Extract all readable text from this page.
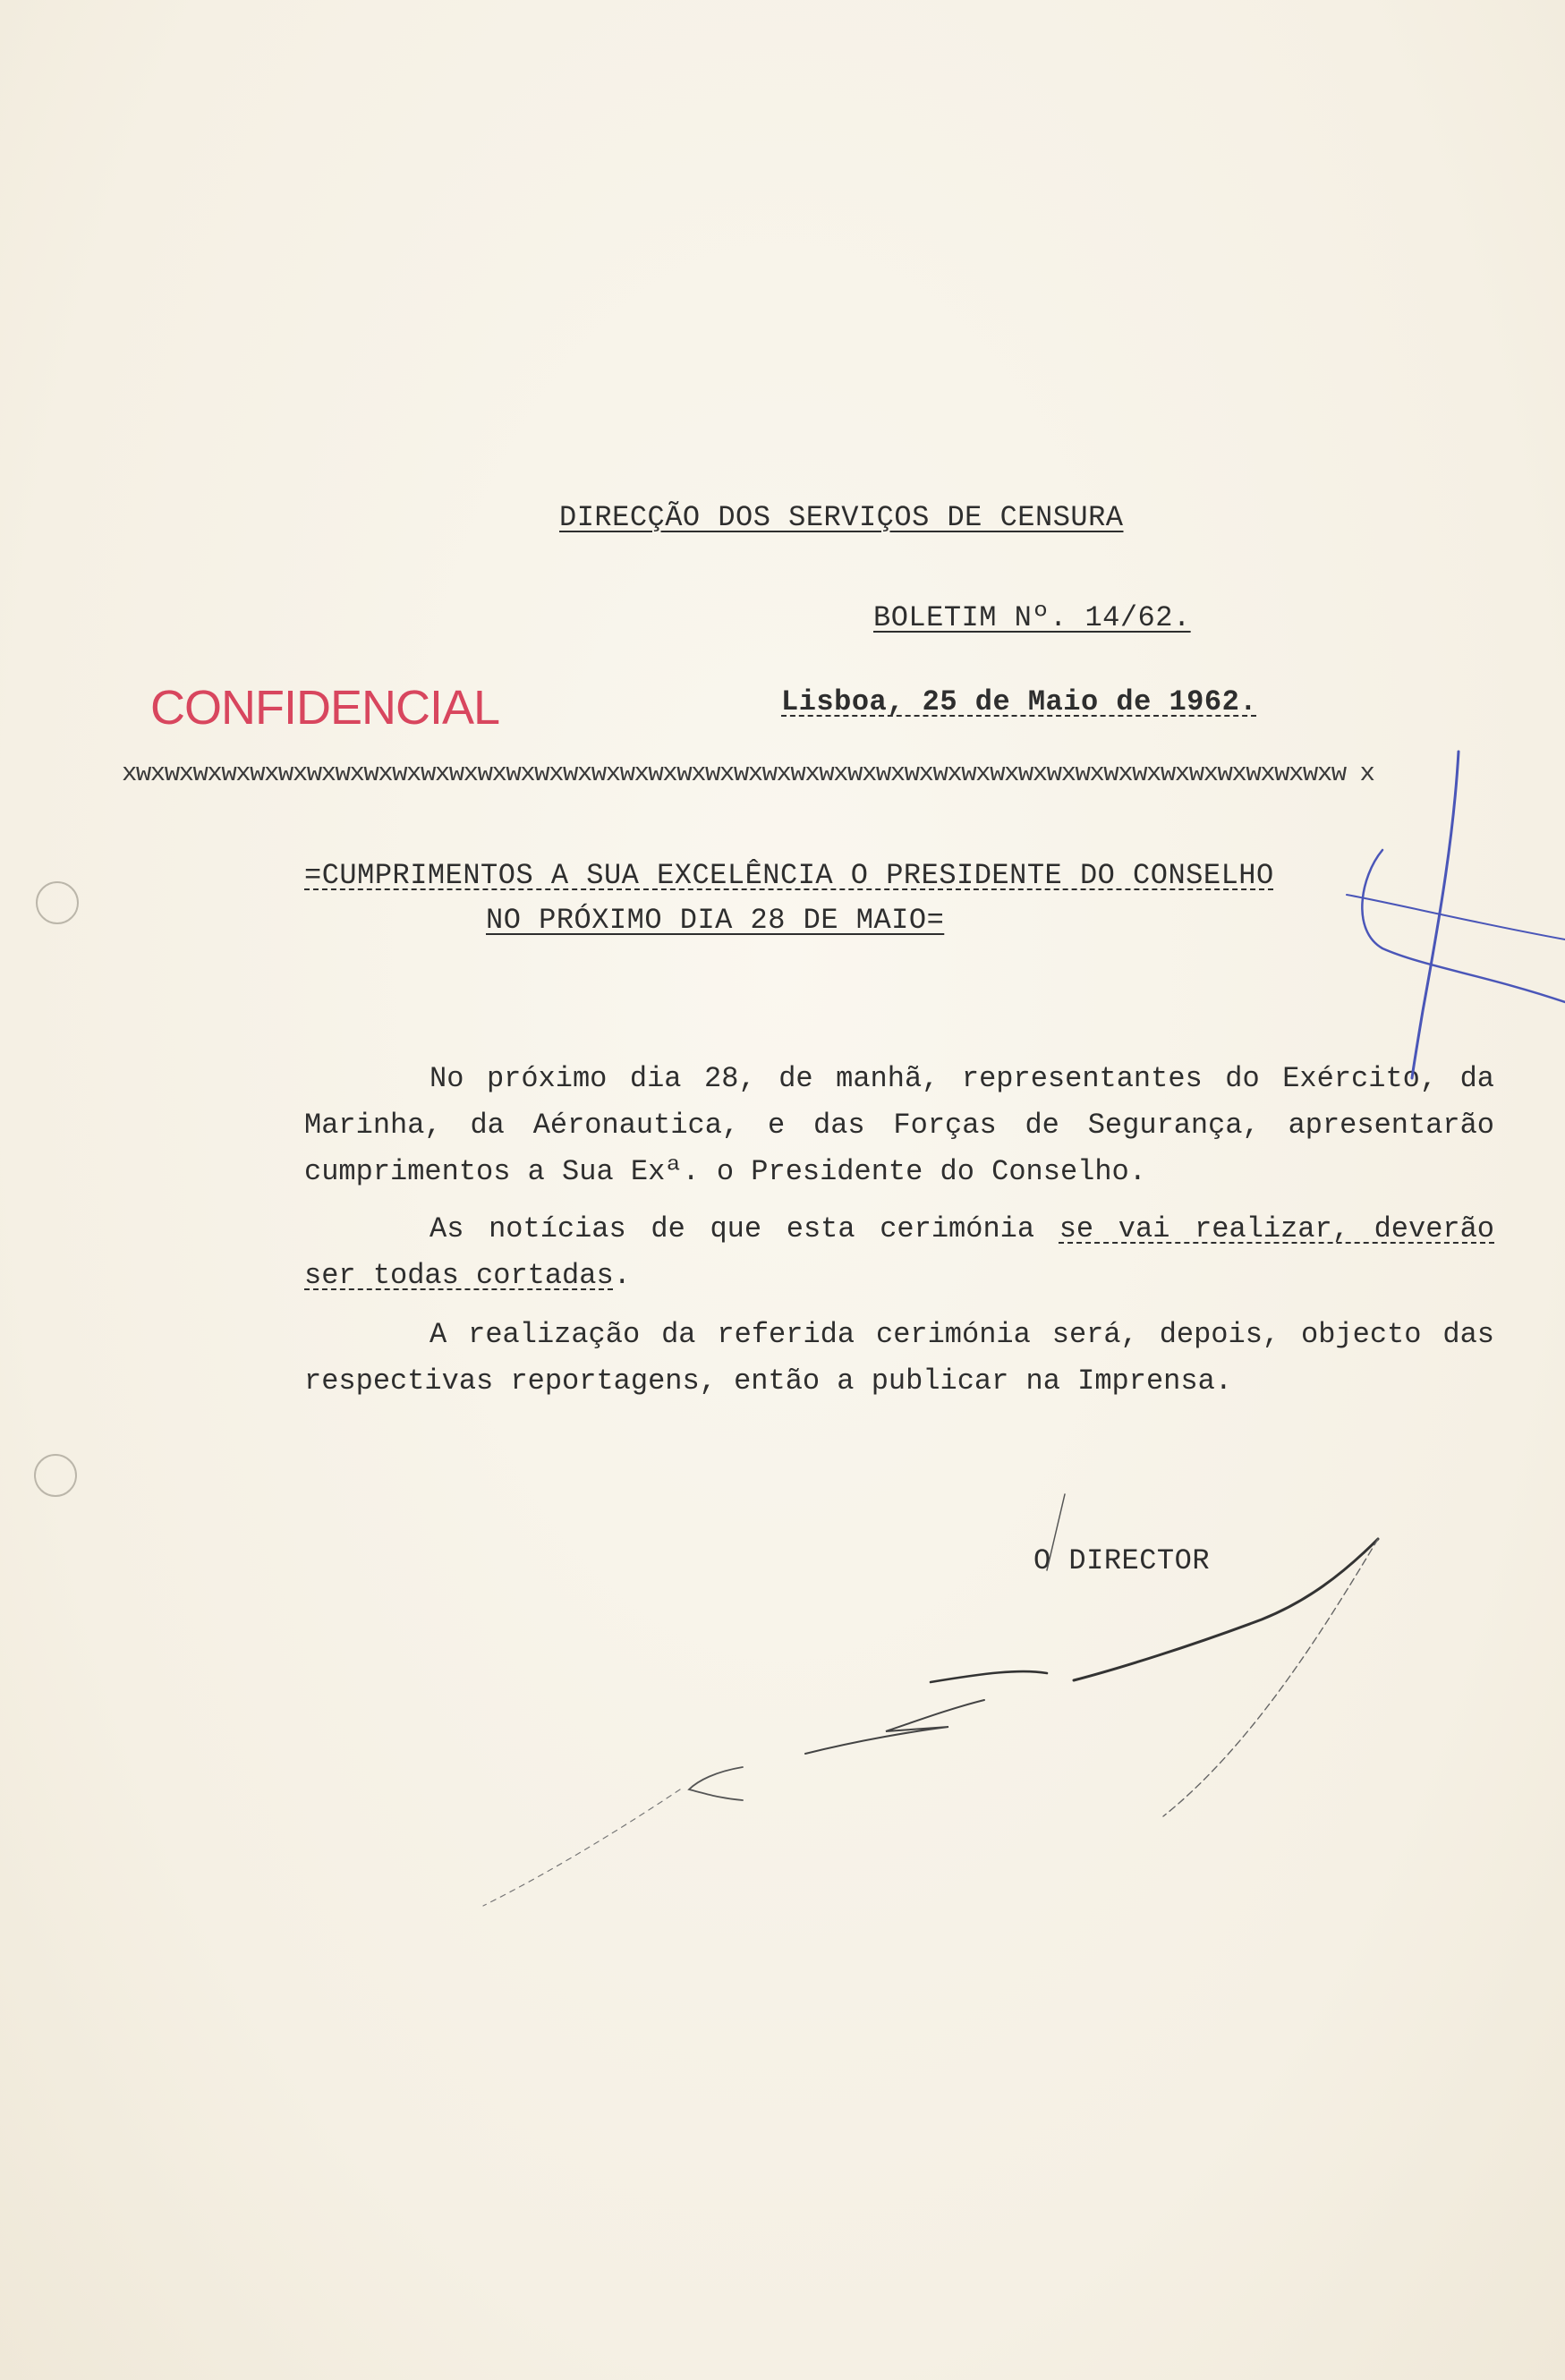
DIRECÇÃO DOS SERVIÇOS DE CENSURA
BOLETIM Nº. 14/62.
Lisboa, 25 de Maio de 1962.
CONFIDENCIAL
xwxwxwxwxwxwxwxwxwxwxwxwxwxwxwxwxwxwxwxwxwxwxwxwxwxwxwxwxwxwxwxwxwxwxwxwxwxwxwxwxwxwxw x
=CUMPRIMENTOS A SUA EXCELÊNCIA O PRESIDENTE DO CONSELHO
NO PRÓXIMO DIA 28 DE MAIO=
No próximo dia 28, de manhã, representantes do Exército, da Marinha, da Aéronautica, e das Forças de Segurança, apresentarão cumprimentos a Sua Exª. o Presidente do Conselho.
As notícias de que esta cerimónia se vai realizar, deverão ser todas cortadas.
A realização da referida cerimónia será, depois, objecto das respectivas reportagens, então a publicar na Imprensa.
O DIRECTOR
